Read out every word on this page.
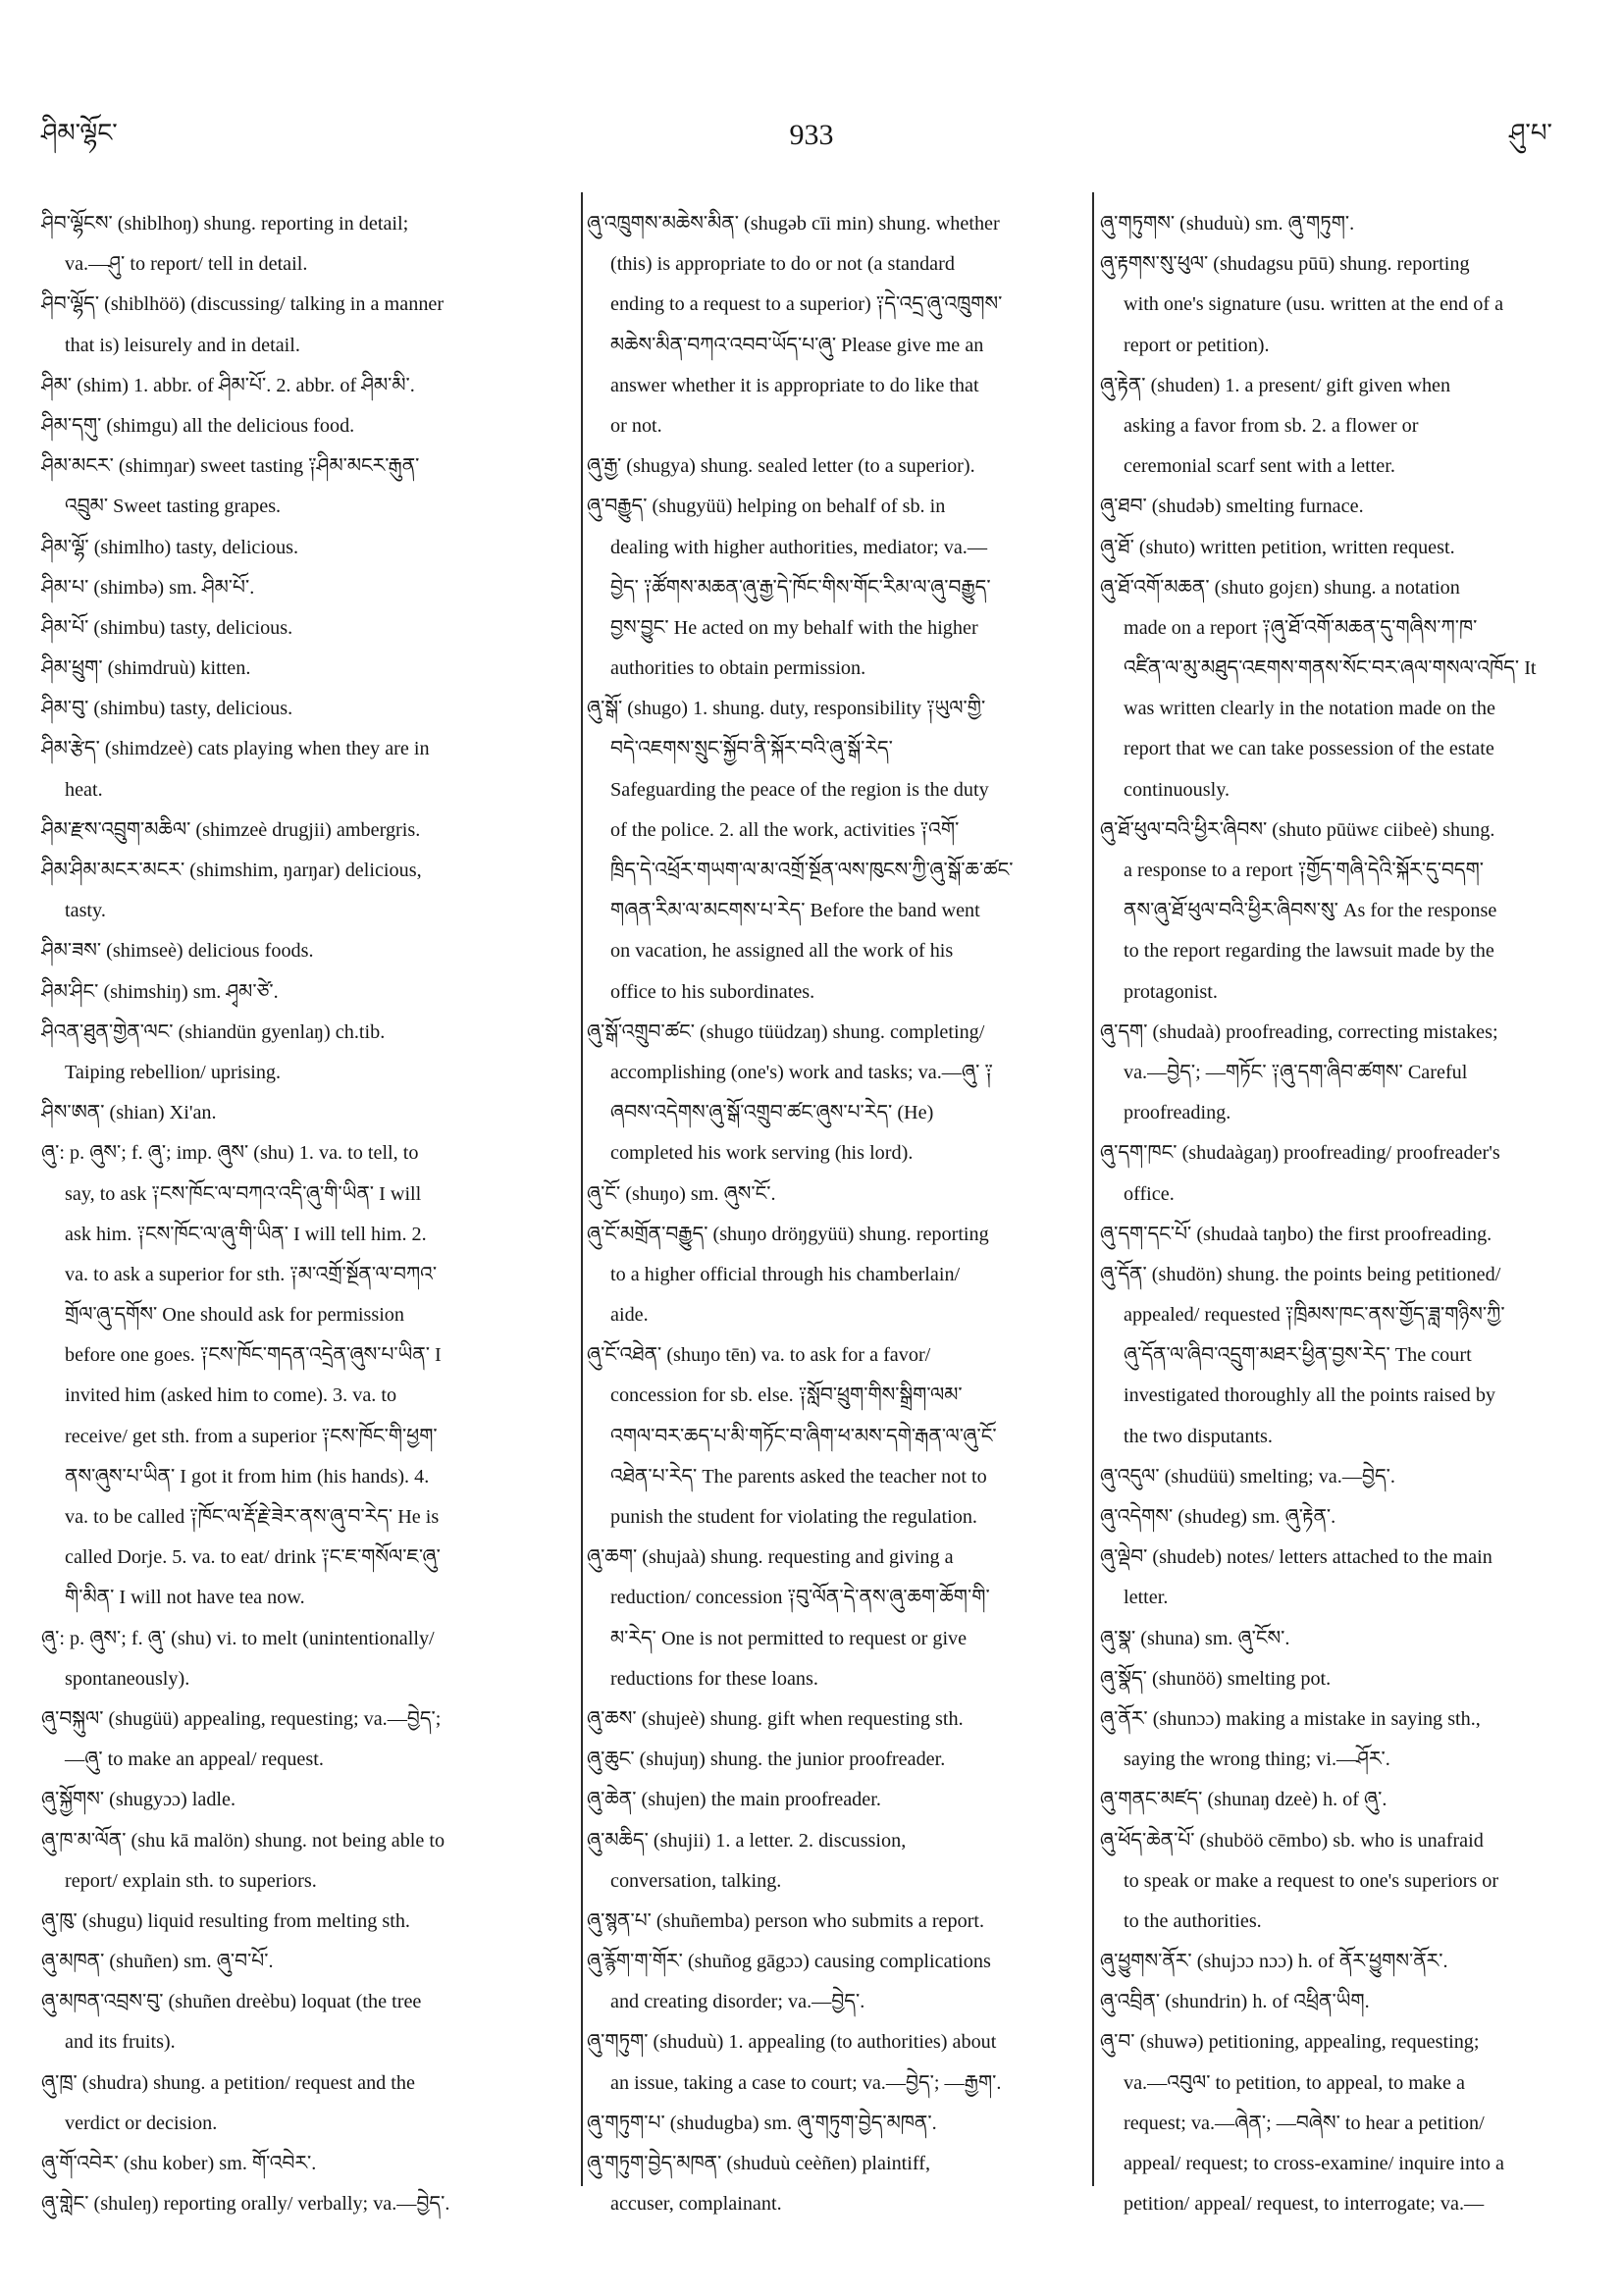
ཤིམ་ལྷོང་	933	ཤུ་པ་
ཤིབ་ལྷོངས་ (shiblhoŋ) shung. reporting in detail;
va.—ཤུ་ to report/ tell in detail.
ཤིབ་ལྷོད་ (shiblhöö) (discussing/ talking in a manner
that is) leisurely and in detail.
ཤིམ་ (shim) 1. abbr. of ཤིམ་པོ་. 2. abbr. of ཤིམ་མི་.
ཤིམ་དགུ་ (shimgu) all the delicious food.
ཤིམ་མངར་ (shimŋar) sweet tasting ༑ཤིམ་མངར་རྒུན་
འབྲུམ་ Sweet tasting grapes.
ཤིམ་ལྷོ་ (shimlho) tasty, delicious.
ཤིམ་པ་ (shimbə) sm. ཤིམ་པོ་.
ཤིམ་པོ་ (shimbu) tasty, delicious.
ཤིམ་ཕྲུག་ (shimdruù) kitten.
ཤིམ་བུ་ (shimbu) tasty, delicious.
ཤིམ་རྩེད་ (shimdzeè) cats playing when they are in
heat.
ཤིམ་རྫས་འབྲུག་མཆིལ་ (shimzeè drugjii) ambergris.
ཤིམ་ཤིམ་མངར་མངར་ (shimshim, ŋarŋar) delicious,
tasty.
ཤིམ་ཟས་ (shimseè) delicious foods.
ཤིམ་ཤིང་ (shimshiŋ) sm. ཤྭམ་ཙེ་.
ཤིའན་ཐུན་གྱེན་ལང་ (shiandün gyenlaŋ) ch.tib.
Taiping rebellion/ uprising.
ཤིས་ཨན་ (shian) Xi'an.
ཞུ་: p. ཞུས་; f. ཞུ་; imp. ཞུས་ (shu) 1. va. to tell, to
say, to ask ༑ངས་ཁོང་ལ་བཀའ་འདི་ཞུ་གི་ཡིན་ I will
ask him. ༑ངས་ཁོང་ལ་ཞུ་གི་ཡིན་ I will tell him. 2.
va. to ask a superior for sth. ༑མ་འགྲོ་སྔོན་ལ་བཀའ་
གྲོལ་ཞུ་དགོས་ One should ask for permission
before one goes. ༑ངས་ཁོང་གདན་འདྲེན་ཞུས་པ་ཡིན་ I
invited him (asked him to come). 3. va. to
receive/ get sth. from a superior ༑ངས་ཁོང་གི་ཕྱག་
ནས་ཞུས་པ་ཡིན་ I got it from him (his hands). 4.
va. to be called ༑ཁོང་ལ་རྡོ་རྗེ་ཟེར་ནས་ཞུ་བ་རེད་ He is
called Dorje. 5. va. to eat/ drink ༑ང་ཇ་གསོལ་ཇ་ཞུ་
གི་མིན་ I will not have tea now.
ཞུ་: p. ཞུས་; f. ཞུ་ (shu) vi. to melt (unintentionally/
spontaneously).
ཞུ་བསྐུལ་ (shugüü) appealing, requesting; va.—བྱེད་;
—ཞུ་ to make an appeal/ request.
ཞུ་སྐྱོགས་ (shugyɔɔ) ladle.
ཞུ་ཁ་མ་ལོན་ (shu kā malön) shung. not being able to
report/ explain sth. to superiors.
ཞུ་ཁུ་ (shugu) liquid resulting from melting sth.
ཞུ་མཁན་ (shuñen) sm. ཞུ་བ་པོ་.
ཞུ་མཁན་འབྲས་བུ་ (shuñen dreèbu) loquat (the tree
and its fruits).
ཞུ་ཁྲ་ (shudra) shung. a petition/ request and the
verdict or decision.
ཞུ་གོ་འབེར་ (shu kober) sm. གོ་འབེར་.
ཞུ་གླེང་ (shuleŋ) reporting orally/ verbally; va.—བྱེད་.
ཞུ་འཁྲུགས་མཆེས་མིན་ (shugəb cīi min) shung. whether
(this) is appropriate to do or not (a standard
ending to a request to a superior) ༑དེ་འདྲ་ཞུ་འཁྲུགས་
མཆེས་མིན་བཀའ་འབབ་ཡོད་པ་ཞུ་ Please give me an
answer whether it is appropriate to do like that
or not.
ཞུ་རྒྱ་ (shugya) shung. sealed letter (to a superior).
ཞུ་བརྒྱུད་ (shugyüü) helping on behalf of sb. in
dealing with higher authorities, mediator; va.—
བྱེད་ ༑ཚོགས་མཆན་ཞུ་རྒྱ་དེ་ཁོང་གིས་གོང་རིམ་ལ་ཞུ་བརྒྱུད་
བྱས་བྱུང་ He acted on my behalf with the higher
authorities to obtain permission.
ཞུ་སྒོ་ (shugo) 1. shung. duty, responsibility ༑ཡུལ་གྱི་
བདེ་འཇགས་སྲུང་སྐྱོབ་ནི་སྐོར་བའི་ཞུ་སྒོ་རེད་
Safeguarding the peace of the region is the duty
of the police. 2. all the work, activities ༑འགོ་
ཁྲིད་དེ་འཕྲོར་གཡག་ལ་མ་འགྲོ་སྔོན་ལས་ཁུངས་ཀྱི་ཞུ་སྒོ་ཆ་ཚང་
གཞན་རིམ་ལ་མངགས་པ་རེད་ Before the band went
on vacation, he assigned all the work of his
office to his subordinates.
ཞུ་སྒོ་འགྲུབ་ཚང་ (shugo tüüdzaŋ) shung. completing/
accomplishing (one's) work and tasks; va.—ཞུ་ ༑
ཞབས་འདེགས་ཞུ་སྒོ་འགྲུབ་ཚང་ཞུས་པ་རེད་ (He)
completed his work serving (his lord).
ཞུ་ངོ་ (shuŋo) sm. ཞུས་ངོ་.
ཞུ་ངོ་མགྲོན་བརྒྱུད་ (shuŋo dröŋgyüü) shung. reporting
to a higher official through his chamberlain/
aide.
ཞུ་ངོ་འཐེན་ (shuŋo tēn) va. to ask for a favor/
concession for sb. else. ༑སློབ་ཕྲུག་གིས་སྒྲིག་ལམ་
འགལ་བར་ཆད་པ་མི་གཏོང་བ་ཞིག་ཕ་མས་དགེ་རྒན་ལ་ཞུ་ངོ་
འཐེན་པ་རེད་ The parents asked the teacher not to
punish the student for violating the regulation.
ཞུ་ཆག་ (shujaà) shung. requesting and giving a
reduction/ concession ༑བུ་ལོན་དེ་ནས་ཞུ་ཆག་ཆོག་གི་
མ་རེད་ One is not permitted to request or give
reductions for these loans.
ཞུ་ཆས་ (shujeè) shung. gift when requesting sth.
ཞུ་ཆུང་ (shujuŋ) shung. the junior proofreader.
ཞུ་ཆེན་ (shujen) the main proofreader.
ཞུ་མཆིད་ (shujii) 1. a letter. 2. discussion,
conversation, talking.
ཞུ་སྙན་པ་ (shuñemba) person who submits a report.
ཞུ་རྙོག་ག་གོར་ (shuñog gāgɔɔ) causing complications
and creating disorder; va.—བྱེད་.
ཞུ་གཏུག་ (shuduù) 1. appealing (to authorities) about
an issue, taking a case to court; va.—བྱེད་; —རྒྱག་.
ཞུ་གཏུག་པ་ (shudugba) sm. ཞུ་གཏུག་བྱེད་མཁན་.
ཞུ་གཏུག་བྱེད་མཁན་ (shuduù ceèñen) plaintiff,
accuser, complainant.
ཞུ་གཏུགས་ (shuduù) sm. ཞུ་གཏུག་.
ཞུ་རྟགས་སུ་ཕུལ་ (shudagsu pūū) shung. reporting
with one's signature (usu. written at the end of a
report or petition).
ཞུ་རྟེན་ (shuden) 1. a present/ gift given when
asking a favor from sb. 2. a flower or
ceremonial scarf sent with a letter.
ཞུ་ཐབ་ (shudəb) smelting furnace.
ཞུ་ཐོ་ (shuto) written petition, written request.
ཞུ་ཐོ་འགོ་མཆན་ (shuto gojɛn) shung. a notation
made on a report ༑ཞུ་ཐོ་འགོ་མཆན་དུ་གཞིས་ཀ་ཁ་
འཛིན་ལ་མུ་མཐུད་འཇགས་གནས་སོང་བར་ཞལ་གསལ་འཁོད་ It
was written clearly in the notation made on the
report that we can take possession of the estate
continuously.
ཞུ་ཐོ་ཕུལ་བའི་ཕྱིར་ཞིབས་ (shuto pūüwɛ ciibeè) shung.
a response to a report ༑གྱོད་གཞི་དེའི་སྐོར་དུ་བདག་
ནས་ཞུ་ཐོ་ཕུལ་བའི་ཕྱིར་ཞིབས་སུ་ As for the response
to the report regarding the lawsuit made by the
protagonist.
ཞུ་དག་ (shudaà) proofreading, correcting mistakes;
va.—བྱེད་; —གཏོང་ ༑ཞུ་དག་ཞིབ་ཚགས་ Careful
proofreading.
ཞུ་དག་ཁང་ (shudaàgaŋ) proofreading/ proofreader's
office.
ཞུ་དག་དང་པོ་ (shudaà taŋbo) the first proofreading.
ཞུ་དོན་ (shudön) shung. the points being petitioned/
appealed/ requested ༑ཁྲིམས་ཁང་ནས་གྱོད་ཟླ་གཉིས་ཀྱི་
ཞུ་དོན་ལ་ཞིབ་འདྲུག་མཐར་ཕྱིན་བྱས་རེད་ The court
investigated thoroughly all the points raised by
the two disputants.
ཞུ་འདུལ་ (shudüü) smelting; va.—བྱེད་.
ཞུ་འདེགས་ (shudeg) sm. ཞུ་རྟེན་.
ཞུ་ལྡེབ་ (shudeb) notes/ letters attached to the main
letter.
ཞུ་སྣ་ (shuna) sm. ཞུ་ངོས་.
ཞུ་སྣོད་ (shunöö) smelting pot.
ཞུ་ནོར་ (shunɔɔ) making a mistake in saying sth.,
saying the wrong thing; vi.—ཤོར་.
ཞུ་གནང་མཛད་ (shunaŋ dzeè) h. of ཞུ་.
ཞུ་ཕོད་ཆེན་པོ་ (shuböö cēmbo) sb. who is unafraid
to speak or make a request to one's superiors or
to the authorities.
ཞུ་ཕྱུགས་ནོར་ (shujɔɔ nɔɔ) h. of ནོར་ཕྱུགས་ནོར་.
ཞུ་འབྲིན་ (shundrin) h. of འཕྲིན་ཡིག.
ཞུ་བ་ (shuwə) petitioning, appealing, requesting;
va.—འབུལ་ to petition, to appeal, to make a
request; va.—ཞེན་; —བཞེས་ to hear a petition/
appeal/ request; to cross-examine/ inquire into a
petition/ appeal/ request, to interrogate; va.—
